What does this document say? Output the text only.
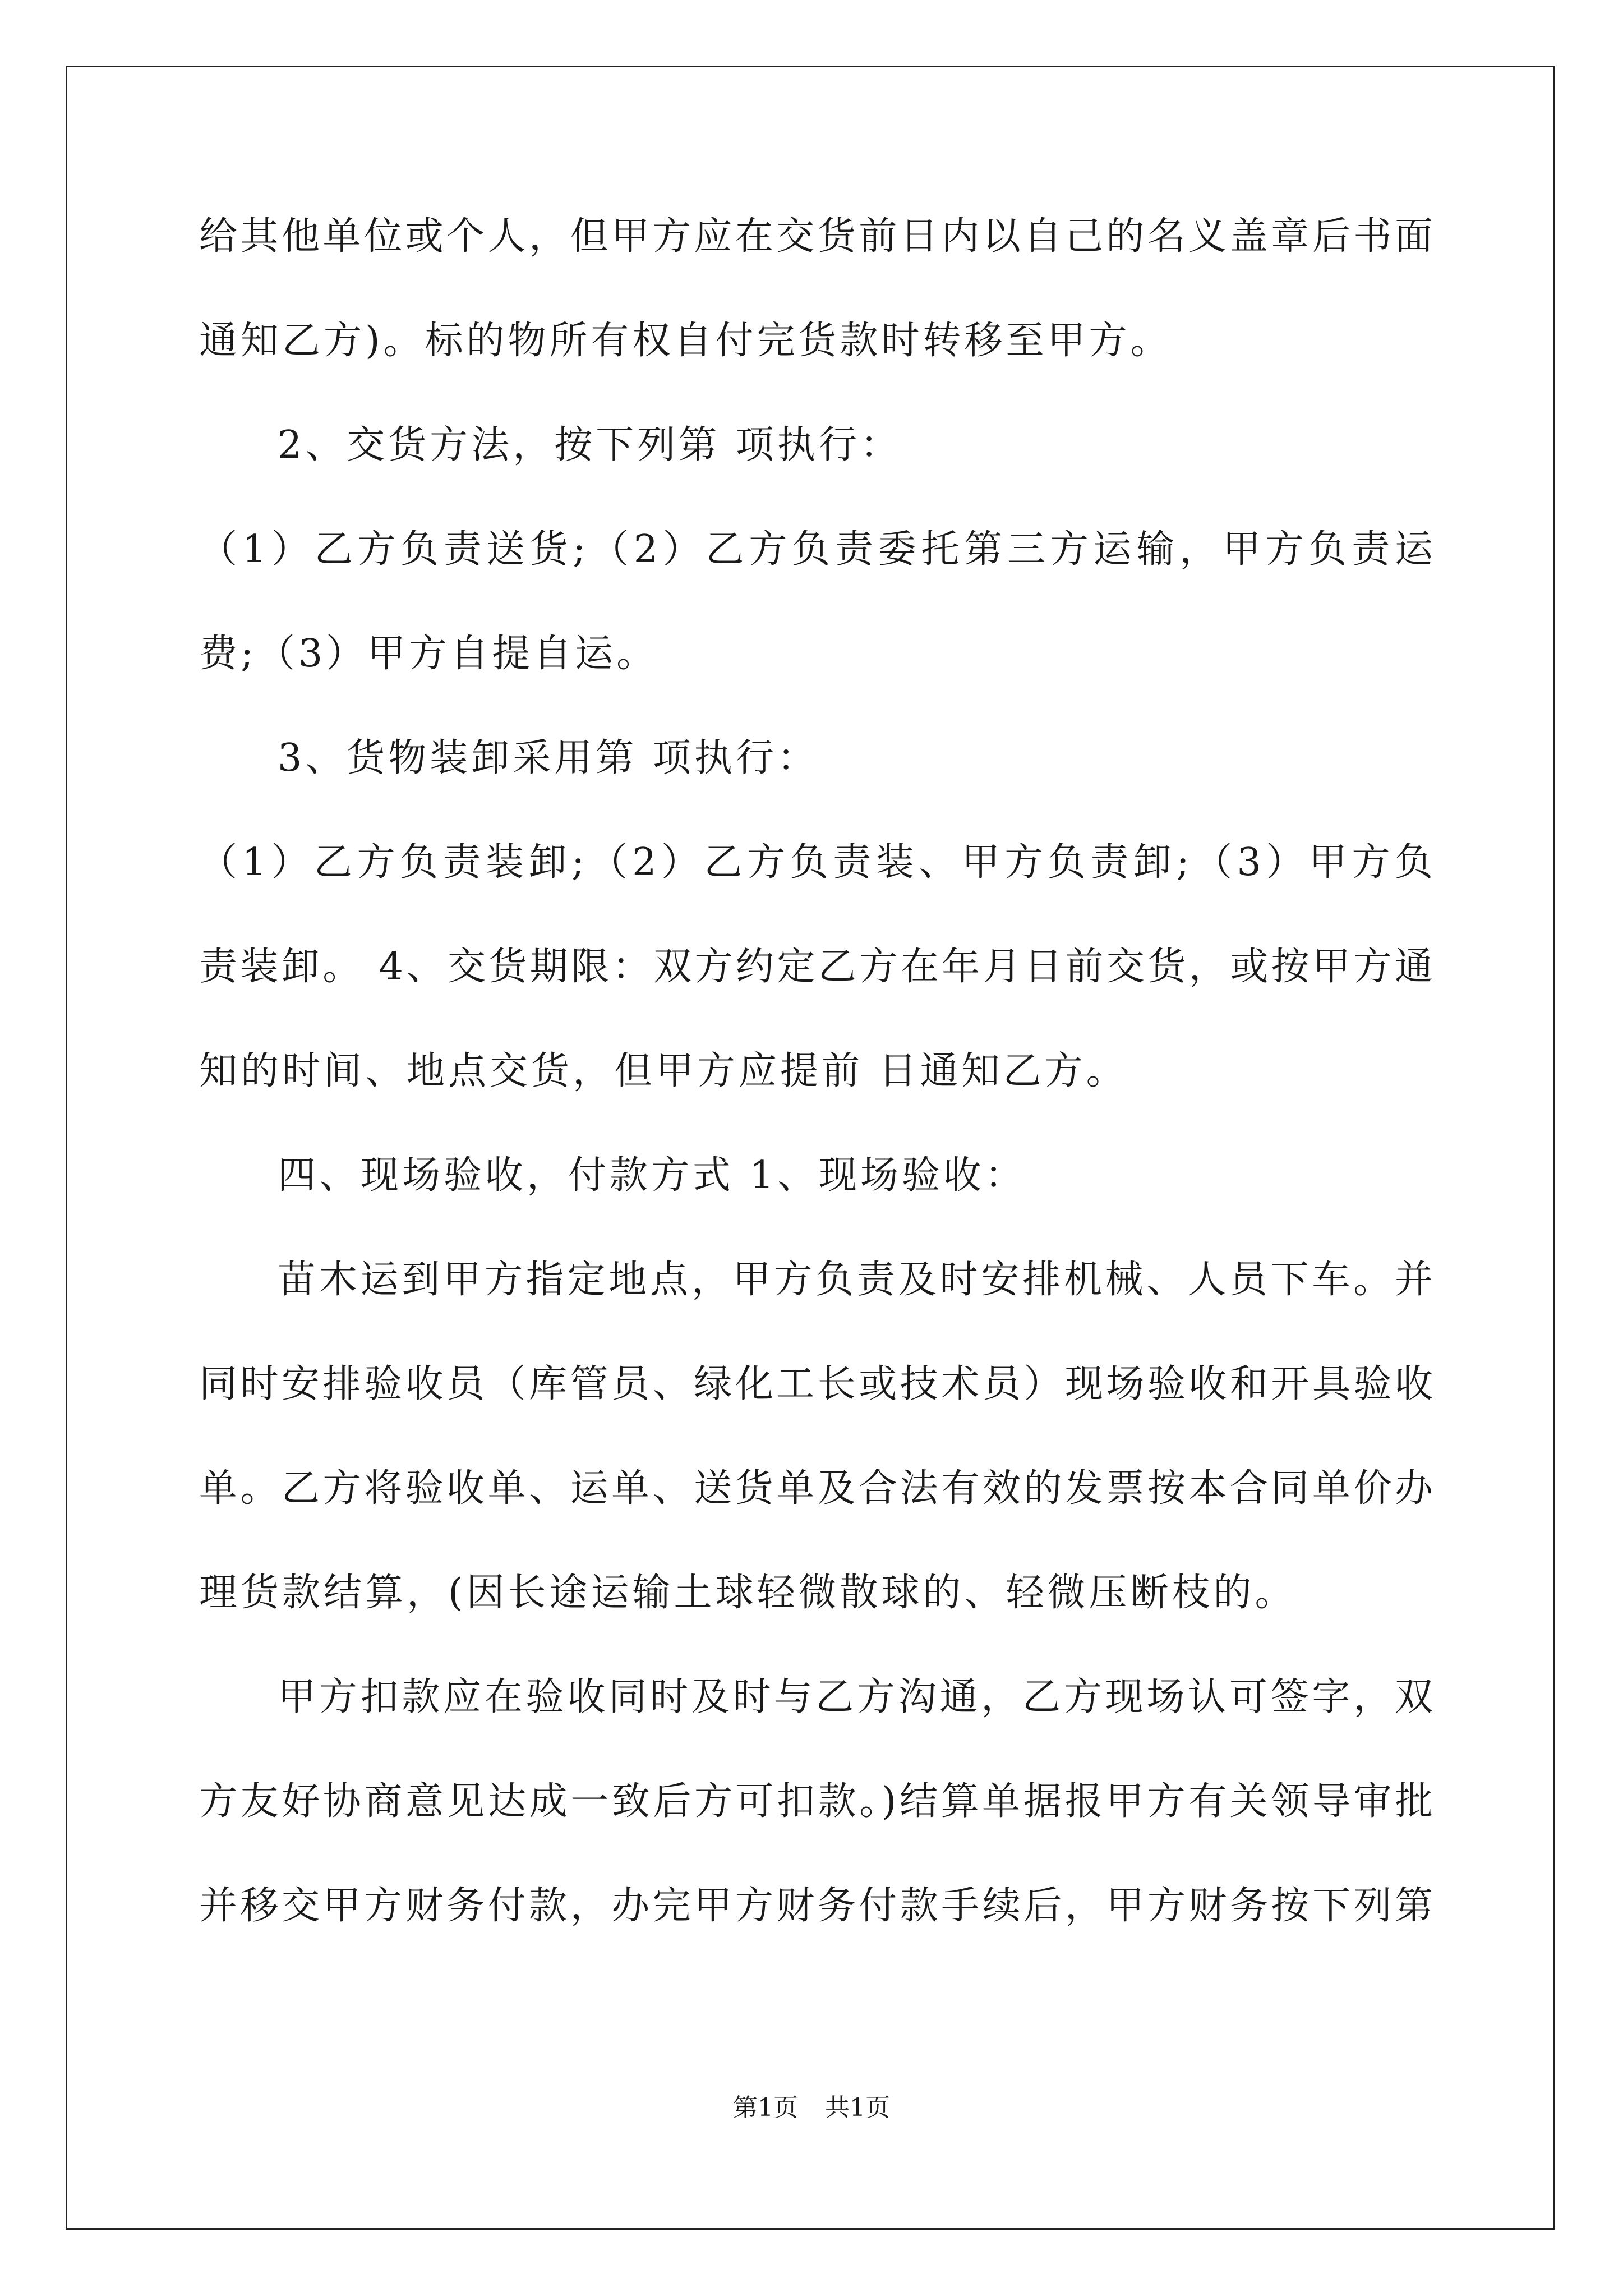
给其他单位或个人，但甲方应在交货前日内以自己的名义盖章后书面
通知乙方)。标的物所有权自付完货款时转移至甲方。
2、交货方法，按下列第 项执行：
（1）乙方负责送货;（2）乙方负责委托第三方运输，甲方负责运
费;（3）甲方自提自运。
3、货物装卸采用第 项执行：
（1）乙方负责装卸;（2）乙方负责装、甲方负责卸;（3）甲方负
责装卸。 4、交货期限：双方约定乙方在年月日前交货，或按甲方通
知的时间、地点交货，但甲方应提前 日通知乙方。
四、现场验收，付款方式 1、现场验收：
苗木运到甲方指定地点，甲方负责及时安排机械、人员下车。并
同时安排验收员（库管员、绿化工长或技术员）现场验收和开具验收
单。乙方将验收单、运单、送货单及合法有效的发票按本合同单价办
理货款结算，(因长途运输土球轻微散球的、轻微压断枝的。
甲方扣款应在验收同时及时与乙方沟通，乙方现场认可签字，双
方友好协商意见达成一致后方可扣款。)结算单据报甲方有关领导审批
并移交甲方财务付款，办完甲方财务付款手续后，甲方财务按下列第
第1页 共1页
